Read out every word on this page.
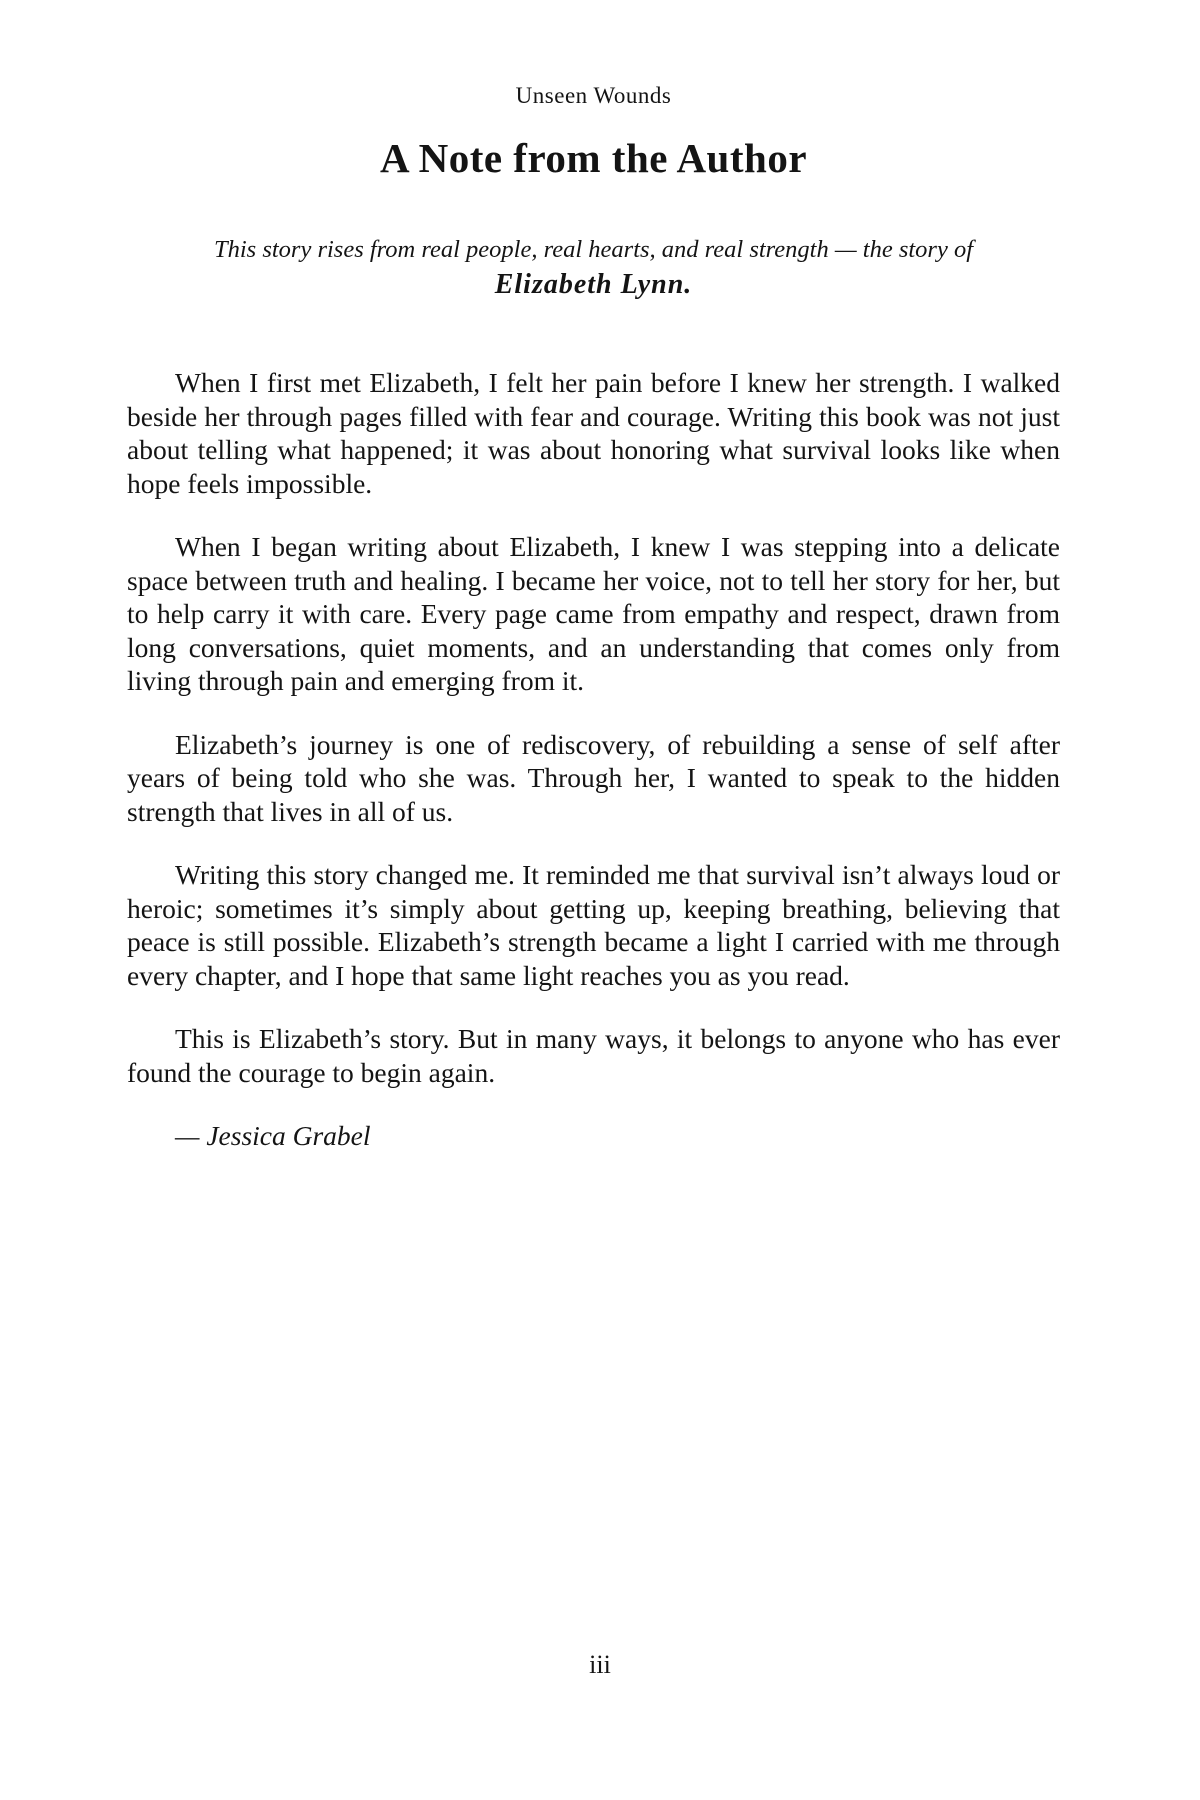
Unseen Wounds
A Note from the Author

This story rises from real people, real hearts, and real strength — the story of

Elizabeth Lynn.

When I first met Elizabeth, I felt her pain before I knew her strength. I walked beside her through pages filled with fear and courage. Writing this book was not just about telling what happened; it was about honoring what survival looks like when hope feels impossible.

When I began writing about Elizabeth, I knew I was stepping into a delicate space between truth and healing. I became her voice, not to tell her story for her, but to help carry it with care. Every page came from empathy and respect, drawn from long conversations, quiet moments, and an understanding that comes only from living through pain and emerging from it.

Elizabeth’s journey is one of rediscovery, of rebuilding a sense of self after years of being told who she was. Through her, I wanted to speak to the hidden strength that lives in all of us.

Writing this story changed me. It reminded me that survival isn’t always loud or heroic; sometimes it’s simply about getting up, keeping breathing, believing that peace is still possible. Elizabeth’s strength became a light I carried with me through every chapter, and I hope that same light reaches you as you read.

This is Elizabeth’s story. But in many ways, it belongs to anyone who has ever found the courage to begin again.

— Jessica Grabel

iii
